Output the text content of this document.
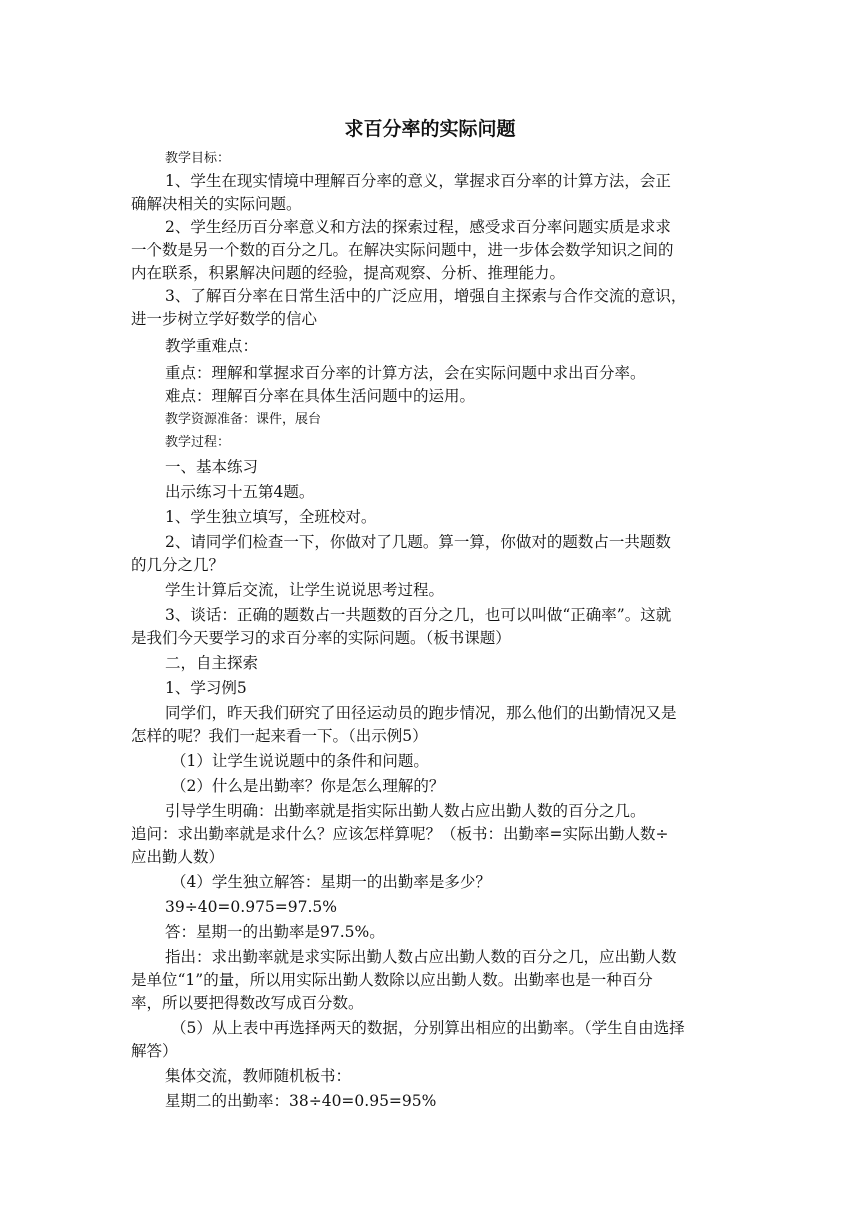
求百分率的实际问题
教学目标：
1、学生在现实情境中理解百分率的意义，掌握求百分率的计算方法，会正
确解决相关的实际问题。
2、学生经历百分率意义和方法的探索过程，感受求百分率问题实质是求求
一个数是另一个数的百分之几。在解决实际问题中，进一步体会数学知识之间的
内在联系，积累解决问题的经验，提高观察、分析、推理能力。
3、了解百分率在日常生活中的广泛应用，增强自主探索与合作交流的意识，
进一步树立学好数学的信心
教学重难点：
重点：理解和掌握求百分率的计算方法，会在实际问题中求出百分率。
难点：理解百分率在具体生活问题中的运用。
教学资源准备：课件，展台
教学过程：
一、基本练习
出示练习十五第4题。
1、学生独立填写，全班校对。
2、请同学们检查一下，你做对了几题。算一算，你做对的题数占一共题数
的几分之几？
学生计算后交流，让学生说说思考过程。
3、谈话：正确的题数占一共题数的百分之几，也可以叫做“正确率”。这就
是我们今天要学习的求百分率的实际问题。（板书课题）
二，自主探索
1、学习例5
同学们，昨天我们研究了田径运动员的跑步情况，那么他们的出勤情况又是
怎样的呢？我们一起来看一下。（出示例5）
（1）让学生说说题中的条件和问题。
（2）什么是出勤率？你是怎么理解的？
引导学生明确：出勤率就是指实际出勤人数占应出勤人数的百分之几。
追问：求出勤率就是求什么？应该怎样算呢？（板书：出勤率=实际出勤人数÷
应出勤人数）
（4）学生独立解答：星期一的出勤率是多少？
39÷40=0.975=97.5%
答：星期一的出勤率是97.5%。
指出：求出勤率就是求实际出勤人数占应出勤人数的百分之几，应出勤人数
是单位“1”的量，所以用实际出勤人数除以应出勤人数。出勤率也是一种百分
率，所以要把得数改写成百分数。
（5）从上表中再选择两天的数据，分别算出相应的出勤率。（学生自由选择
解答）
集体交流，教师随机板书：
星期二的出勤率：38÷40=0.95=95%
